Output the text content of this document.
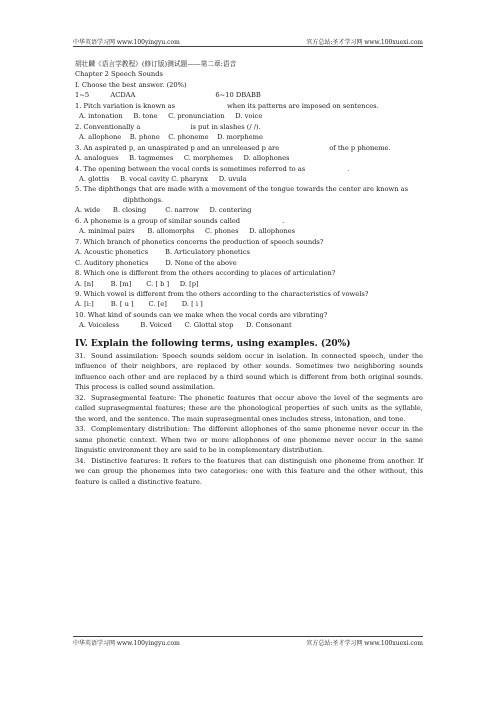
中华英语学习网 www.100yingyu.com	官方总站:圣才学习网 www.100xuexi.com
胡壮麟《语言学教程》(修订版)测试题——第二章:语音
Chapter 2 Speech Sounds
I. Choose the best answer. (20%)
1~5          ACDAA	6~10 DBABB
1. Pitch variation is known as	when its patterns are imposed on sentences.
A. intonation     B. tone     C. pronunciation     D. voice
2. Conventionally a	is put in slashes (/ /).
A. allophone    B. phone    C. phoneme    D. morpheme
3. An aspirated p, an unaspirated p and an unreleased p are	of the p phoneme.
A. analogues     B. tagmemes     C. morphemes     D. allophones
4. The opening between the vocal cords is sometimes referred to as	.
A. glottis     B. vocal cavity C. pharynx     D. uvula
5. The diphthongs that are made with a movement of the tongue towards the center are known as
diphthongs.
A. wide      B. closing         C. narrow     D. centering
6. A phoneme is a group of similar sounds called	.
A. minimal pairs      B. allomorphs     C. phones     D. allophones
7. Which branch of phonetics concerns the production of speech sounds?
A. Acoustic phonetics        B. Articulatory phonetics
C. Auditory phonetics        D. None of the above
8. Which one is different from the others according to places of articulation?
A. [n]        B. [m]       C. [ b ]     D. [p]
9. Which vowel is different from the others according to the characteristics of vowels?
A. [i:]        B. [ u ]       C. [e]       D. [ i ]
10. What kind of sounds can we make when the vocal cords are vibrating?
A. Voiceless          B. Voiced      C. Glottal stop      D. Consonant
IV. Explain the following terms, using examples. (20%)
31. Sound assimilation: Speech sounds seldom occur in isolation. In connected speech, under the influence of their neighbors, are replaced by other sounds. Sometimes two neighboring sounds influence each other and are replaced by a third sound which is different from both original sounds. This process is called sound assimilation.
32. Suprasegmental feature: The phonetic features that occur above the level of the segments are called suprasegmental features; these are the phonological properties of such units as the syllable, the word, and the sentence. The main suprasegmental ones includes stress, intonation, and tone.
33. Complementary distribution: The different allophones of the same phoneme never occur in the same phonetic context. When two or more allophones of one phoneme never occur in the same linguistic environment they are said to be in complementary distribution.
34. Distinctive features: It refers to the features that can distinguish one phoneme from another. If we can group the phonemes into two categories: one with this feature and the other without, this feature is called a distinctive feature.
中华英语学习网 www.100yingyu.com	官方总站:圣才学习网 www.100xuexi.com
